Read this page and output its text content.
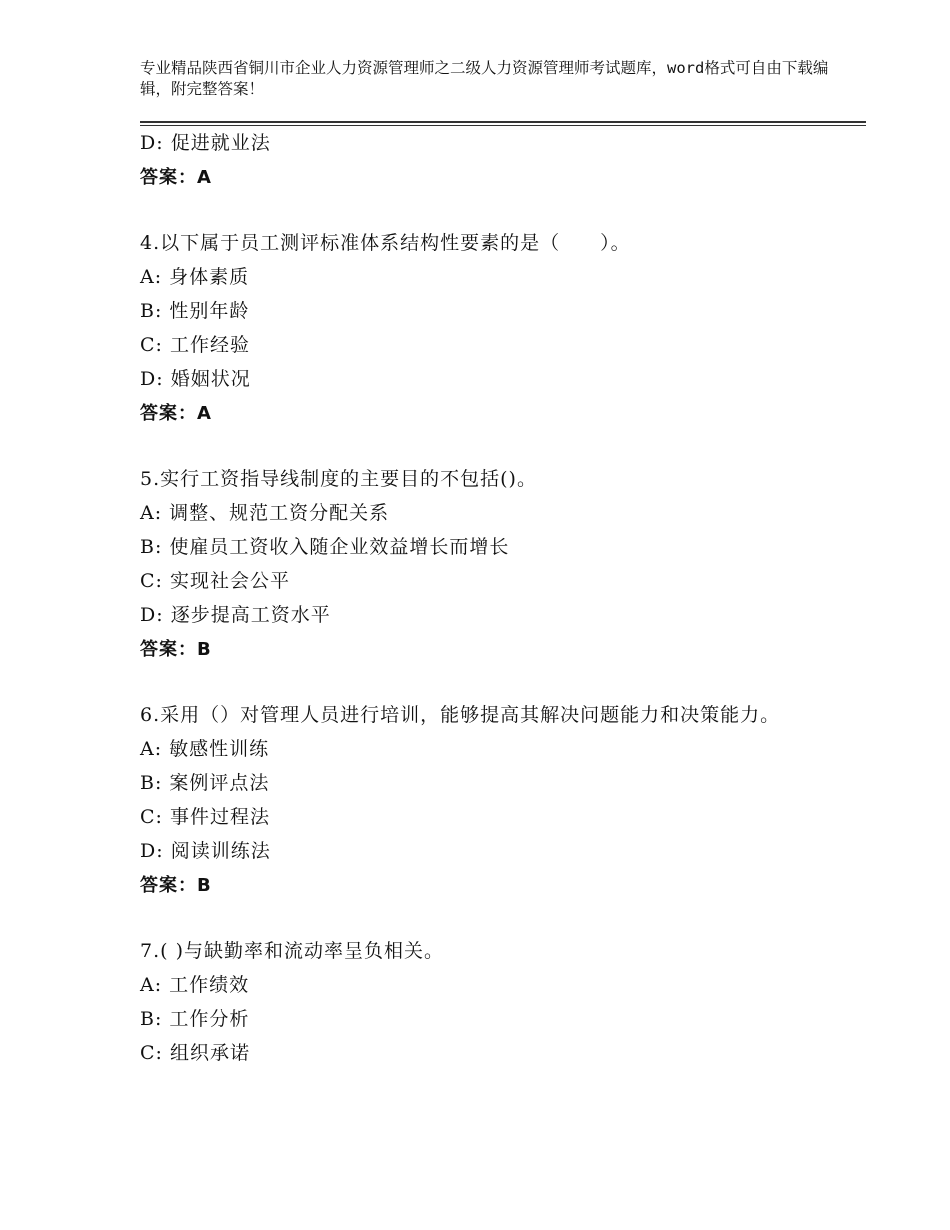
专业精品陕西省铜川市企业人力资源管理师之二级人力资源管理师考试题库，word格式可自由下载编辑，附完整答案！
D: 促进就业法
答案：A
4.以下属于员工测评标准体系结构性要素的是（　　）。
A: 身体素质
B: 性别年龄
C: 工作经验
D: 婚姻状况
答案：A
5.实行工资指导线制度的主要目的不包括()。
A: 调整、规范工资分配关系
B: 使雇员工资收入随企业效益增长而增长
C: 实现社会公平
D: 逐步提高工资水平
答案：B
6.采用（）对管理人员进行培训，能够提高其解决问题能力和决策能力。
A: 敏感性训练
B: 案例评点法
C: 事件过程法
D: 阅读训练法
答案：B
7.( )与缺勤率和流动率呈负相关。
A: 工作绩效
B: 工作分析
C: 组织承诺
